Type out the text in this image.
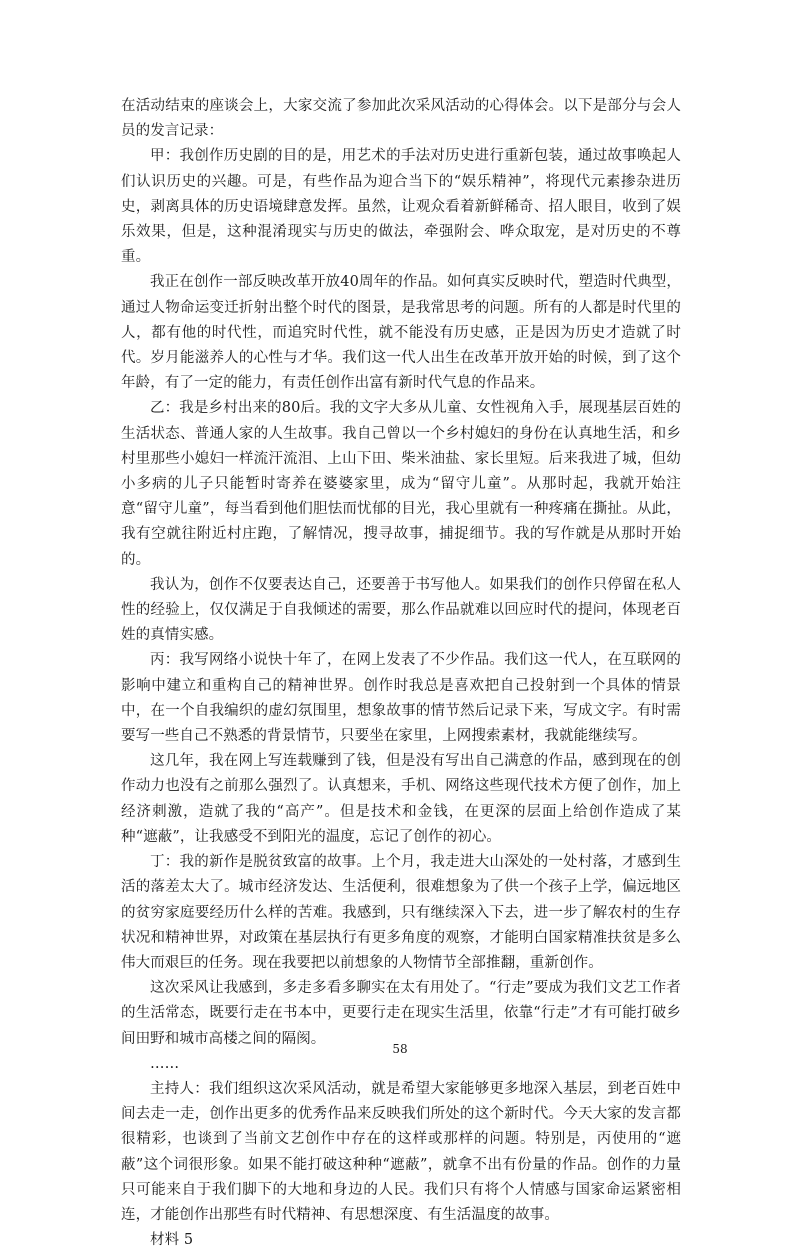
在活动结束的座谈会上，大家交流了参加此次采风活动的心得体会。以下是部分与会人员的发言记录：

甲：我创作历史剧的目的是，用艺术的手法对历史进行重新包装，通过故事唤起人们认识历史的兴趣。可是，有些作品为迎合当下的“娱乐精神”，将现代元素掺杂进历史，剥离具体的历史语境肆意发挥。虽然，让观众看着新鲜稀奇、招人眼目，收到了娱乐效果，但是，这种混淆现实与历史的做法，牵强附会、哗众取宠，是对历史的不尊重。

我正在创作一部反映改革开放40周年的作品。如何真实反映时代，塑造时代典型，通过人物命运变迁折射出整个时代的图景，是我常思考的问题。所有的人都是时代里的人，都有他的时代性，而追究时代性，就不能没有历史感，正是因为历史才造就了时代。岁月能滋养人的心性与才华。我们这一代人出生在改革开放开始的时候，到了这个年龄，有了一定的能力，有责任创作出富有新时代气息的作品来。

乙：我是乡村出来的80后。我的文字大多从儿童、女性视角入手，展现基层百姓的生活状态、普通人家的人生故事。我自己曾以一个乡村媳妇的身份在认真地生活，和乡村里那些小媳妇一样流汗流泪、上山下田、柴米油盐、家长里短。后来我进了城，但幼小多病的儿子只能暂时寄养在婆婆家里，成为“留守儿童”。从那时起，我就开始注意“留守儿童”，每当看到他们胆怯而忧郁的目光，我心里就有一种疼痛在撕扯。从此，我有空就往附近村庄跑，了解情况，搜寻故事，捕捉细节。我的写作就是从那时开始的。

我认为，创作不仅要表达自己，还要善于书写他人。如果我们的创作只停留在私人性的经验上，仅仅满足于自我倾述的需要，那么作品就难以回应时代的提问，体现老百姓的真情实感。

丙：我写网络小说快十年了，在网上发表了不少作品。我们这一代人，在互联网的影响中建立和重构自己的精神世界。创作时我总是喜欢把自己投射到一个具体的情景中，在一个自我编织的虚幻氛围里，想象故事的情节然后记录下来，写成文字。有时需要写一些自己不熟悉的背景情节，只要坐在家里，上网搜索素材，我就能继续写。

这几年，我在网上写连载赚到了钱，但是没有写出自己满意的作品，感到现在的创作动力也没有之前那么强烈了。认真想来，手机、网络这些现代技术方便了创作，加上经济刺激，造就了我的“高产”。但是技术和金钱，在更深的层面上给创作造成了某种“遮蔽”，让我感受不到阳光的温度，忘记了创作的初心。

丁：我的新作是脱贫致富的故事。上个月，我走进大山深处的一处村落，才感到生活的落差太大了。城市经济发达、生活便利，很难想象为了供一个孩子上学，偏远地区的贫穷家庭要经历什么样的苦难。我感到，只有继续深入下去，进一步了解农村的生存状况和精神世界，对政策在基层执行有更多角度的观察，才能明白国家精准扶贫是多么伟大而艰巨的任务。现在我要把以前想象的人物情节全部推翻，重新创作。

这次采风让我感到，多走多看多聊实在太有用处了。“行走”要成为我们文艺工作者的生活常态，既要行走在书本中，更要行走在现实生活里，依靠“行走”才有可能打破乡间田野和城市高楼之间的隔阂。

……

主持人：我们组织这次采风活动，就是希望大家能够更多地深入基层，到老百姓中间去走一走，创作出更多的优秀作品来反映我们所处的这个新时代。今天大家的发言都很精彩，也谈到了当前文艺创作中存在的这样或那样的问题。特别是，丙使用的“遮蔽”这个词很形象。如果不能打破这种种“遮蔽”，就拿不出有份量的作品。创作的力量只可能来自于我们脚下的大地和身边的人民。我们只有将个人情感与国家命运紧密相连，才能创作出那些有时代精神、有思想深度、有生活温度的故事。

材料 5

58
